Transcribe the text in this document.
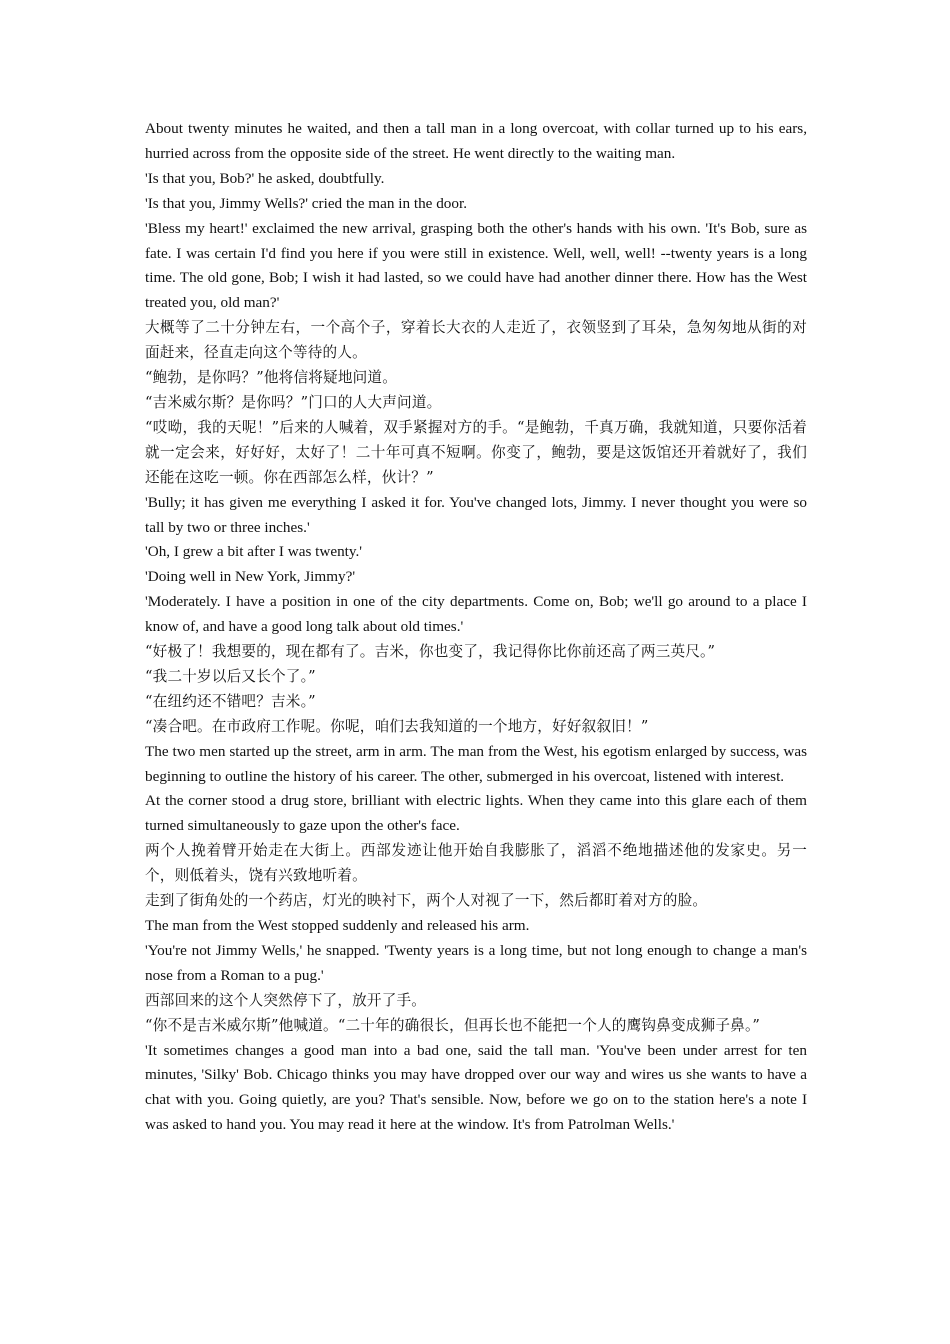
About twenty minutes he waited, and then a tall man in a long overcoat, with collar turned up to his ears, hurried across from the opposite side of the street. He went directly to the waiting man.

'Is that you, Bob?' he asked, doubtfully.

'Is that you, Jimmy Wells?' cried the man in the door.

'Bless my heart!' exclaimed the new arrival, grasping both the other's hands with his own. 'It's Bob, sure as fate. I was certain I'd find you here if you were still in existence. Well, well, well! --twenty years is a long time. The old gone, Bob; I wish it had lasted, so we could have had another dinner there. How has the West treated you, old man?'

大概等了二十分钟左右，一个高个子，穿着长大衣的人走近了，衣领竖到了耳朵，急匆匆地从街的对面赶来，径直走向这个等待的人。

“鲍勃，是你吗？”他将信将疑地问道。

“吉米威尔斯？是你吗？”门口的人大声问道。

“哎呦，我的天呢！”后来的人喊着，双手紧握对方的手。“是鲍勃，千真万确，我就知道，只要你活着就一定会来，好好好，太好了！二十年可真不短啊。你变了，鲍勃，要是这饭馆还开着就好了，我们还能在这吃一顿。你在西部怎么样，伙计？”

'Bully; it has given me everything I asked it for. You've changed lots, Jimmy. I never thought you were so tall by two or three inches.'

'Oh, I grew a bit after I was twenty.'

'Doing well in New York, Jimmy?'

'Moderately. I have a position in one of the city departments. Come on, Bob; we'll go around to a place I know of, and have a good long talk about old times.'

“好极了！我想要的，现在都有了。吉米，你也变了，我记得你比你前还高了两三英尺。”

“我二十岁以后又长个了。”

“在纽约还不错吧？吉米。”

“凑合吧。在市政府工作呢。你呢，咱们去我知道的一个地方，好好叙叙旧！”

The two men started up the street, arm in arm. The man from the West, his egotism enlarged by success, was beginning to outline the history of his career. The other, submerged in his overcoat, listened with interest.

At the corner stood a drug store, brilliant with electric lights. When they came into this glare each of them turned simultaneously to gaze upon the other's face.

两个人挽着臂开始走在大街上。西部发迹让他开始自我膨胀了，滔滔不绝地描述他的发家史。另一个，则低着头，饶有兴致地听着。

走到了街角处的一个药店，灯光的映衬下，两个人对视了一下，然后都盯着对方的脸。

The man from the West stopped suddenly and released his arm.

'You're not Jimmy Wells,' he snapped. 'Twenty years is a long time, but not long enough to change a man's nose from a Roman to a pug.'

西部回来的这个人突然停下了，放开了手。

“你不是吉米威尔斯”他喊道。“二十年的确很长，但再长也不能把一个人的鹰钩鼻变成狮子鼻。”

'It sometimes changes a good man into a bad one, said the tall man. 'You've been under arrest for ten minutes, 'Silky' Bob. Chicago thinks you may have dropped over our way and wires us she wants to have a chat with you. Going quietly, are you? That's sensible. Now, before we go on to the station here's a note I was asked to hand you. You may read it here at the window. It's from Patrolman Wells.'
